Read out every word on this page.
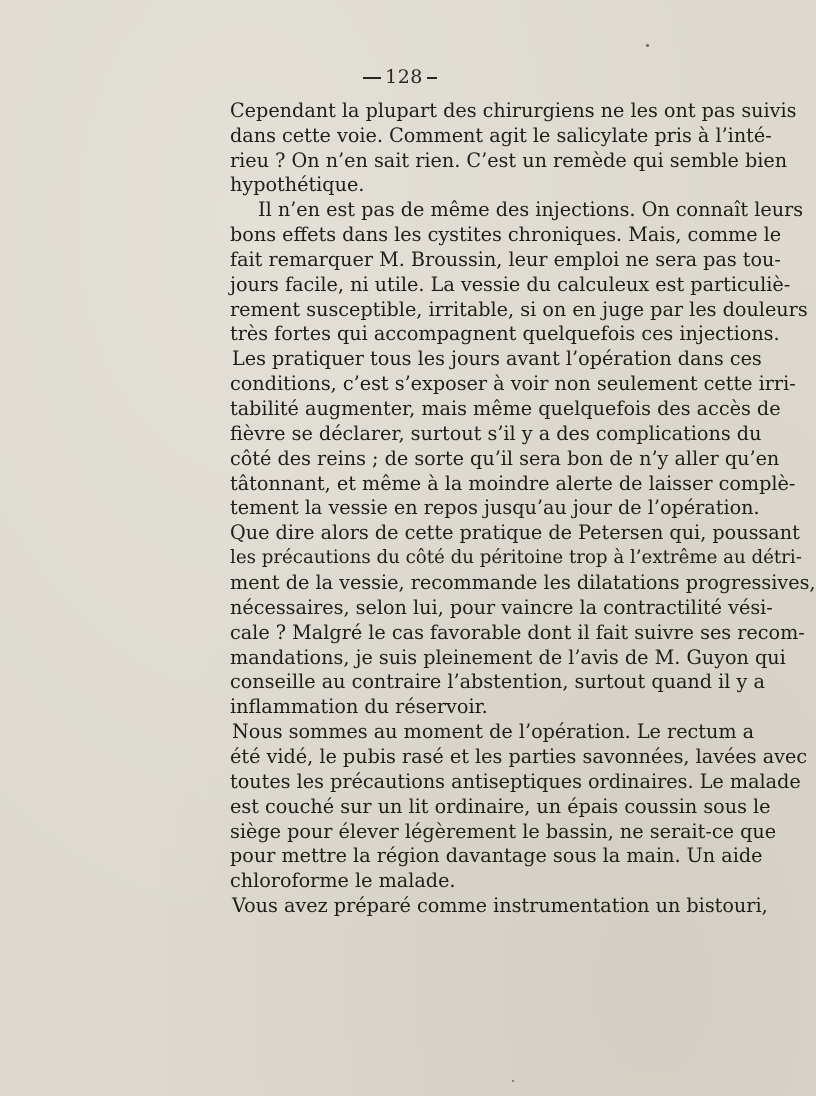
128
Cependant la plupart des chirurgiens ne les ont pas suivis
dans cette voie. Comment agit le salicylate pris à l’inté-
rieu ? On n’en sait rien. C’est un remède qui semble bien
hypothétique.
Il n’en est pas de même des injections. On connaît leurs
bons effets dans les cystites chroniques. Mais, comme le
fait remarquer M. Broussin, leur emploi ne sera pas tou-
jours facile, ni utile. La vessie du calculeux est particuliè-
rement susceptible, irritable, si on en juge par les douleurs
très fortes qui accompagnent quelquefois ces injections.
Les pratiquer tous les jours avant l’opération dans ces
conditions, c’est s’exposer à voir non seulement cette irri-
tabilité augmenter, mais même quelquefois des accès de
fièvre se déclarer, surtout s’il y a des complications du
côté des reins ; de sorte qu’il sera bon de n’y aller qu’en
tâtonnant, et même à la moindre alerte de laisser complè-
tement la vessie en repos jusqu’au jour de l’opération.
Que dire alors de cette pratique de Petersen qui, poussant
les précautions du côté du péritoine trop à l’extrême au détri-
ment de la vessie, recommande les dilatations progressives,
nécessaires, selon lui, pour vaincre la contractilité vési-
cale ? Malgré le cas favorable dont il fait suivre ses recom-
mandations, je suis pleinement de l’avis de M. Guyon qui
conseille au contraire l’abstention, surtout quand il y a
inflammation du réservoir.
Nous sommes au moment de l’opération. Le rectum a
été vidé, le pubis rasé et les parties savonnées, lavées avec
toutes les précautions antiseptiques ordinaires. Le malade
est couché sur un lit ordinaire, un épais coussin sous le
siège pour élever légèrement le bassin, ne serait-ce que
pour mettre la région davantage sous la main. Un aide
chloroforme le malade.
Vous avez préparé comme instrumentation un bistouri,
